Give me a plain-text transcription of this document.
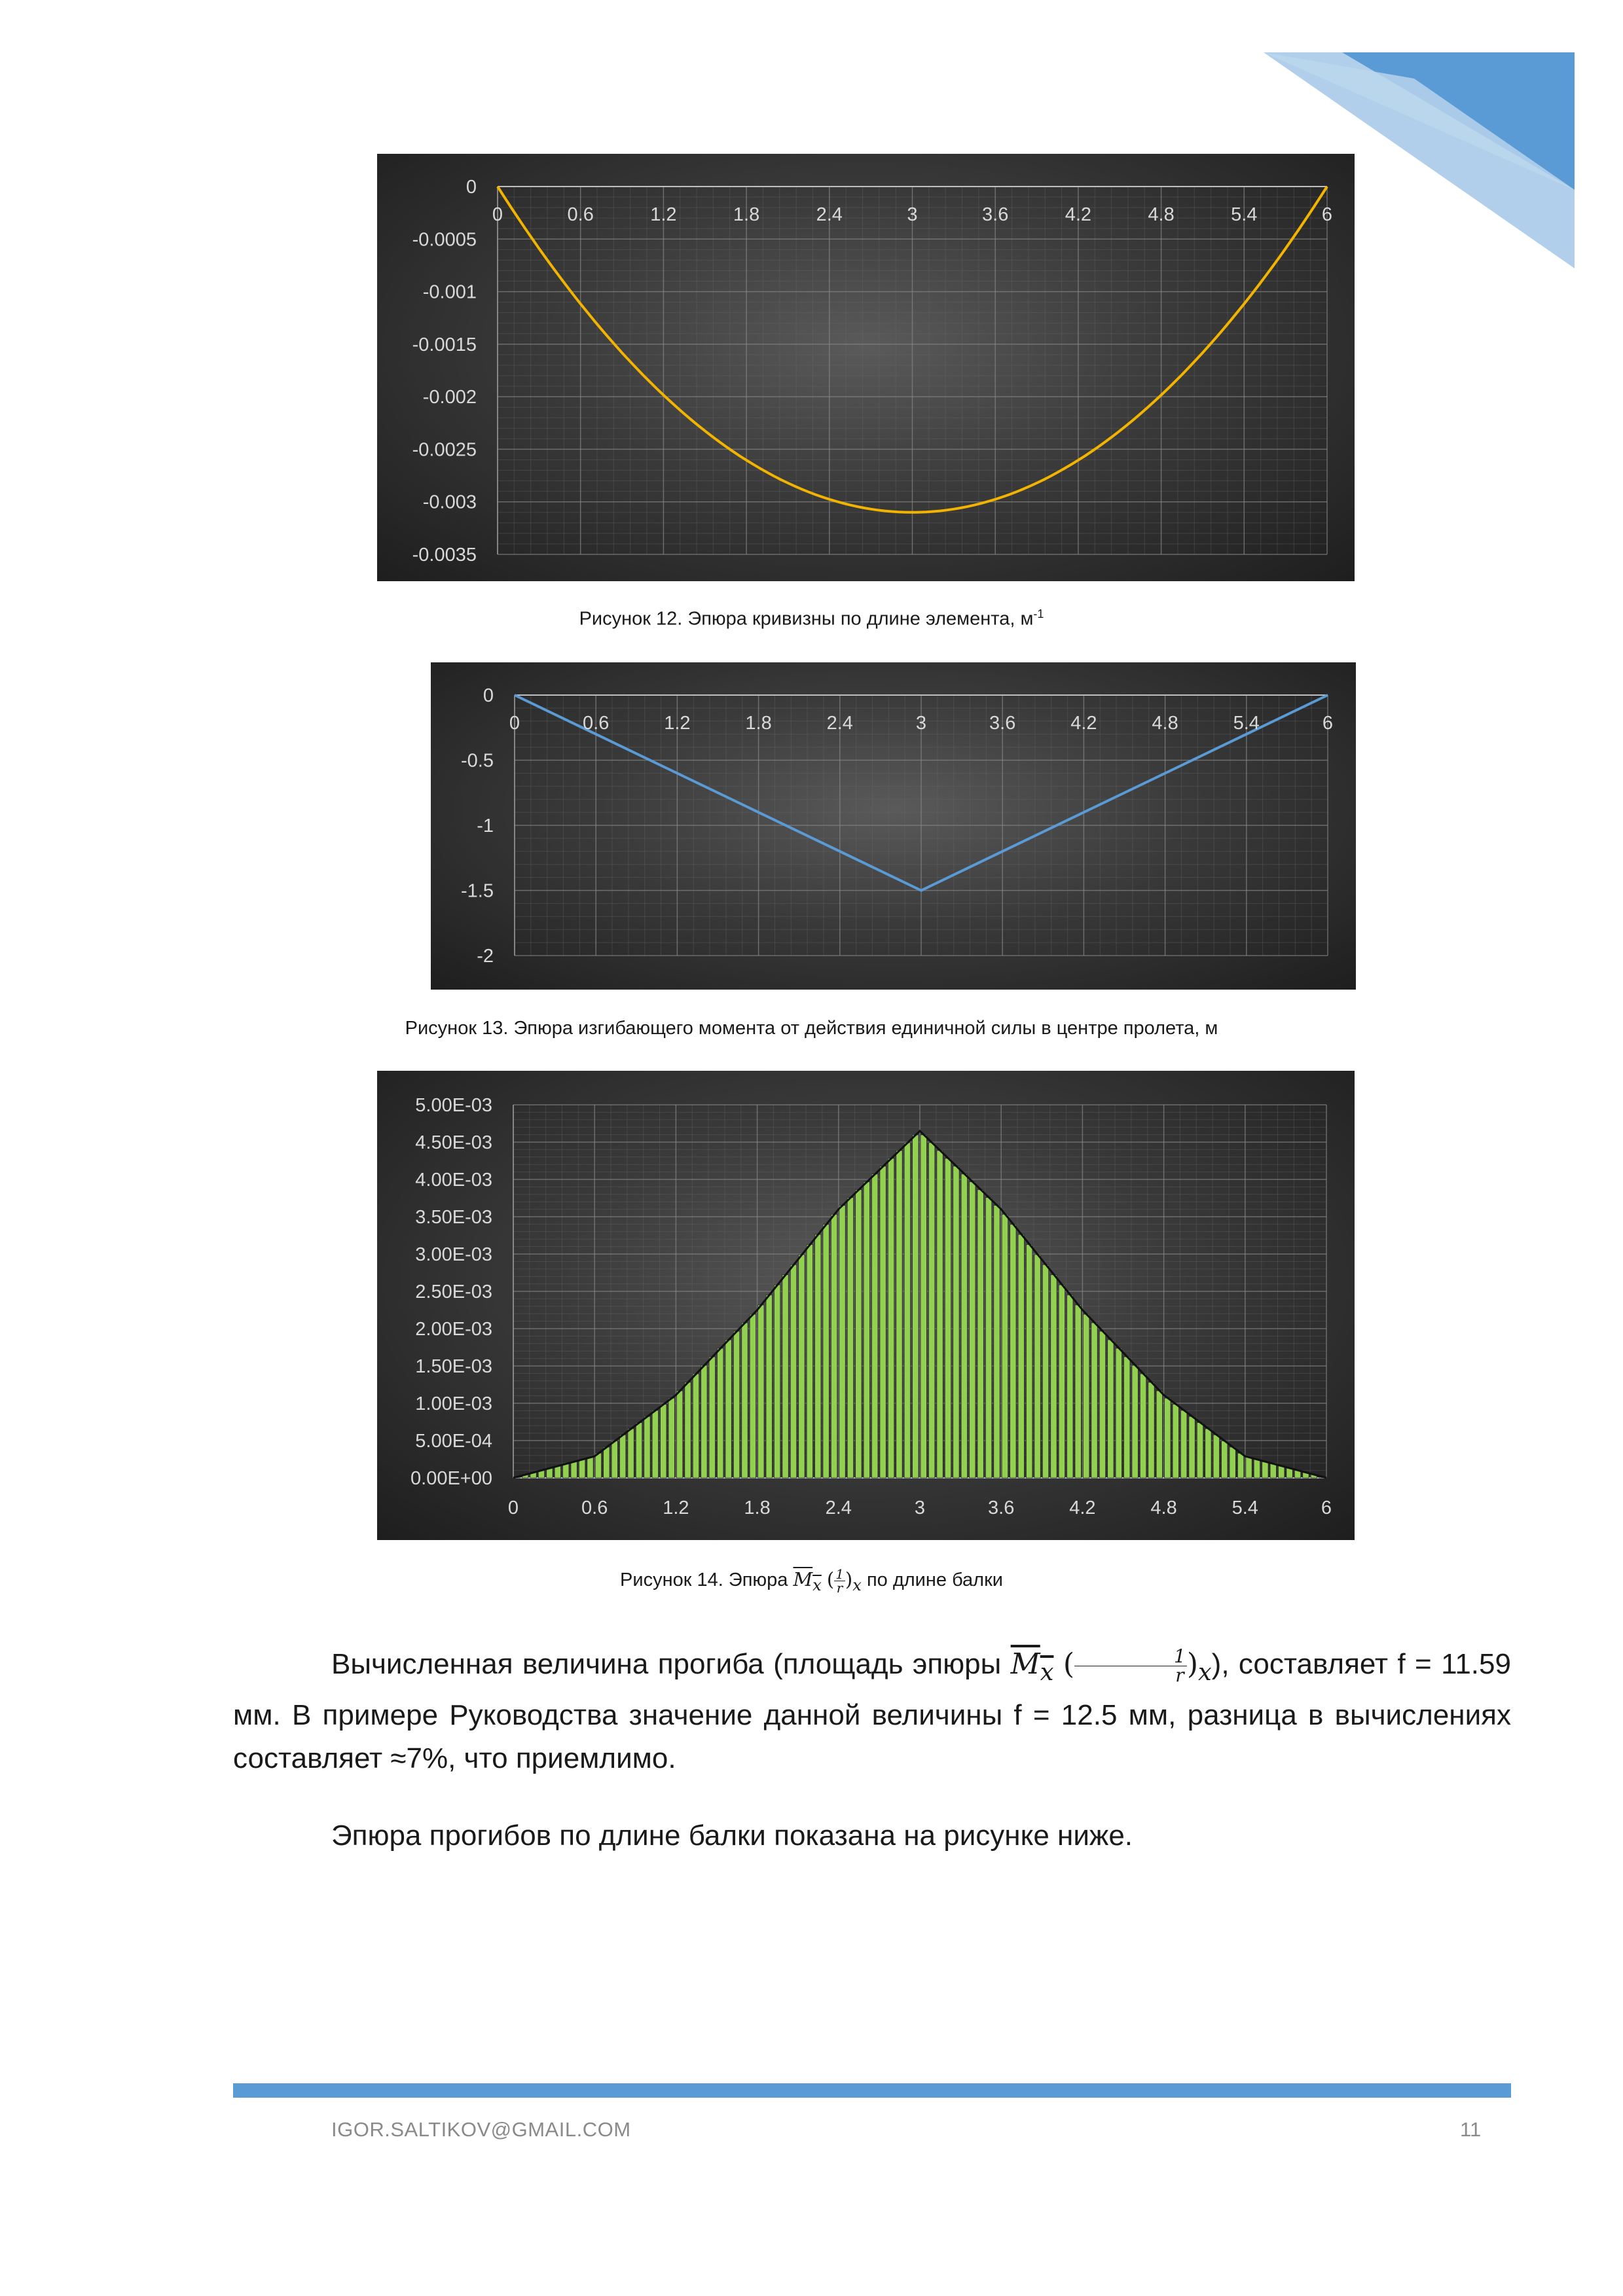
0	0.6	1.2	1.8	2.4	3	3.6	4.2	4.8	5.4	6
0
-0.0005
-0.001
-0.0015
-0.002
-0.0025
-0.003
-0.0035
Рисунок 12. Эпюра кривизны по длине элемента, $м^{-1}$
0	0.6	1.2	1.8	2.4	3	3.6	4.2	4.8	5.4	6
0
-0.5
-1
-1.5
-2
Рисунок 13. Эпюра изгибающего момента от действия единичной силы в центре пролета, м
0	0.6	1.2	1.8	2.4	3	3.6	4.2	4.8	5.4	6
5.00E-03
4.50E-03
4.00E-03
3.50E-03
3.00E-03
2.50E-03
2.00E-03
1.50E-03
1.00E-03
5.00E-04
0.00E+00
Рисунок 14. Эпюра $M_x$ ( $\frac{1}{r} )_x$ по длине балки
Вычисленная величина прогиба (площадь эпюры $M_x$ ( $\frac{1}{r} )_x$), составляет f = 11.59 мм. В примере Руководства значение данной величины f = 12.5 мм, разница в вычислениях составляет ≈7%, что приемлимо.
Эпюра прогибов по длине балки показана на рисунке ниже.
IGOR.SALTIKOV@GMAIL.COM	11
